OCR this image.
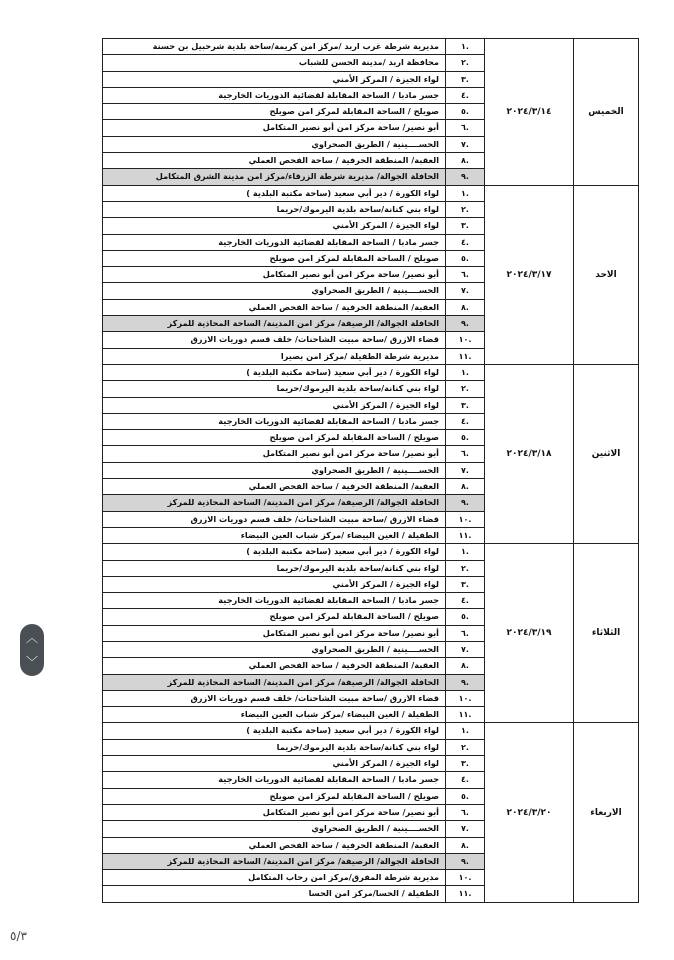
مديرية شرطة غرب اربد /مركز امن كريمة/ساحة بلدية شرحبيل بن حسنة	١.	٢٠٢٤/٣/١٤	الخميس
محافظة اربد /مدينة الحسن للشباب	٢.		
لواء الجيزة / المركز الأمني	٣.		
جسر مادبا / الساحة المقابلة لقضائية الدوريات الخارجية	٤.		
صويلح / الساحة المقابلة لمركز امن صويلح	٥.		
أبو نصير/ ساحة مركز امن أبو نصير المتكامل	٦.		
الحســــينية / الطريق الصحراوي	٧.		
العقبة/ المنطقة الحرفية / ساحة الفحص العملي	٨.		
الحافلة الجوالة/ مديرية شرطة الزرقاء/مركز امن مدينة الشرق المتكامل	٩.		
لواء الكورة / دير أبي سعيد (ساحة مكتبة البلدية )	١.	٢٠٢٤/٣/١٧	الاحد
لواء بني كنانة/ساحة بلدية اليرموك/حريما	٢.		
لواء الجيزة / المركز الأمني	٣.		
جسر مادبا / الساحة المقابلة لقضائية الدوريات الخارجية	٤.		
صويلح / الساحة المقابلة لمركز امن صويلح	٥.		
أبو نصير/ ساحة مركز امن أبو نصير المتكامل	٦.		
الحســــينية / الطريق الصحراوي	٧.		
العقبة/ المنطقة الحرفية / ساحة الفحص العملي	٨.		
الحافلة الجوالة/ الرصيفة/ مركز امن المدينة/ الساحة المحاذية للمركز	٩.		
قضاء الازرق /ساحة مبيت الشاحنات/ خلف قسم دوريات الازرق	١٠.		
مديرية شرطة الطفيلة /مركز امن بصيرا	١١.		
لواء الكورة / دير أبي سعيد (ساحة مكتبة البلدية )	١.	٢٠٢٤/٣/١٨	الاثنين
لواء بني كنانة/ساحة بلدية اليرموك/حريما	٢.		
لواء الجيزة / المركز الأمني	٣.		
جسر مادبا / الساحة المقابلة لقضائية الدوريات الخارجية	٤.		
صويلح / الساحة المقابلة لمركز امن صويلح	٥.		
أبو نصير/ ساحة مركز امن أبو نصير المتكامل	٦.		
الحســــينية / الطريق الصحراوي	٧.		
العقبة/ المنطقة الحرفية / ساحة الفحص العملي	٨.		
الحافلة الجوالة/ الرصيفة/ مركز امن المدينة/ الساحة المحاذية للمركز	٩.		
قضاء الازرق /ساحة مبيت الشاحنات/ خلف قسم دوريات الازرق	١٠.		
الطفيلة / العين البيضاء /مركز شباب العين البيضاء	١١.		
لواء الكورة / دير أبي سعيد (ساحة مكتبة البلدية )	١.	٢٠٢٤/٣/١٩	الثلاثاء
لواء بني كنانة/ساحة بلدية اليرموك/حريما	٢.		
لواء الجيزة / المركز الأمني	٣.		
جسر مادبا / الساحة المقابلة لقضائية الدوريات الخارجية	٤.		
صويلح / الساحة المقابلة لمركز امن صويلح	٥.		
أبو نصير/ ساحة مركز امن أبو نصير المتكامل	٦.		
الحســــينية / الطريق الصحراوي	٧.		
العقبة/ المنطقة الحرفية / ساحة الفحص العملي	٨.		
الحافلة الجوالة/ الرصيفة/ مركز امن المدينة/ الساحة المحاذية للمركز	٩.		
قضاء الازرق /ساحة مبيت الشاحنات/ خلف قسم دوريات الازرق	١٠.		
الطفيلة / العين البيضاء /مركز شباب العين البيضاء	١١.		
لواء الكورة / دير أبي سعيد (ساحة مكتبة البلدية )	١.	٢٠٢٤/٣/٢٠	الاربعاء
لواء بني كنانة/ساحة بلدية اليرموك/حريما	٢.		
لواء الجيزة / المركز الأمني	٣.		
جسر مادبا / الساحة المقابلة لقضائية الدوريات الخارجية	٤.		
صويلح / الساحة المقابلة لمركز امن صويلح	٥.		
أبو نصير/ ساحة مركز امن أبو نصير المتكامل	٦.		
الحســــينية / الطريق الصحراوي	٧.		
العقبة/ المنطقة الحرفية / ساحة الفحص العملي	٨.		
الحافلة الجوالة/ الرصيفة/ مركز امن المدينة/ الساحة المحاذية للمركز	٩.		
مديرية شرطة المفرق/مركز امن رحاب المتكامل	١٠.		
الطفيلة / الحسا/مركز امن الحسا	١١.		
︿
﹀
٥/٣
